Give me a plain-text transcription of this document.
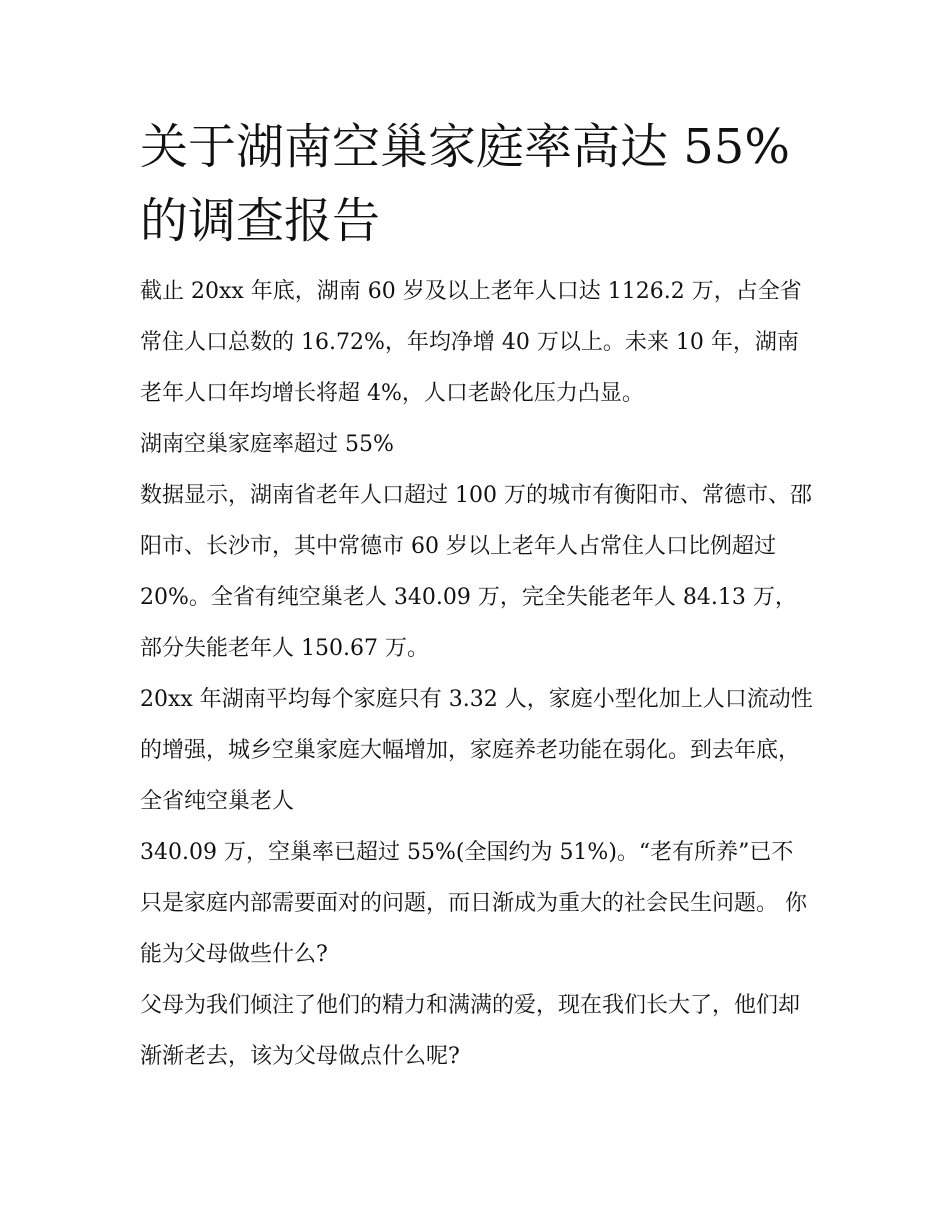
关于湖南空巢家庭率高达 55%的调查报告

截止 20xx 年底，湖南 60 岁及以上老年人口达 1126.2 万，占全省常住人口总数的 16.72%，年均净增 40 万以上。未来 10 年，湖南老年人口年均增长将超 4%，人口老龄化压力凸显。

湖南空巢家庭率超过 55%

数据显示，湖南省老年人口超过 100 万的城市有衡阳市、常德市、邵阳市、长沙市，其中常德市 60 岁以上老年人占常住人口比例超过 20%。全省有纯空巢老人 340.09 万，完全失能老年人 84.13 万，部分失能老年人 150.67 万。

20xx 年湖南平均每个家庭只有 3.32 人，家庭小型化加上人口流动性的增强，城乡空巢家庭大幅增加，家庭养老功能在弱化。到去年底，全省纯空巢老人

340.09 万，空巢率已超过 55%(全国约为 51%)。“老有所养”已不只是家庭内部需要面对的问题，而日渐成为重大的社会民生问题。 你能为父母做些什么?

父母为我们倾注了他们的精力和满满的爱，现在我们长大了，他们却渐渐老去，该为父母做点什么呢?
